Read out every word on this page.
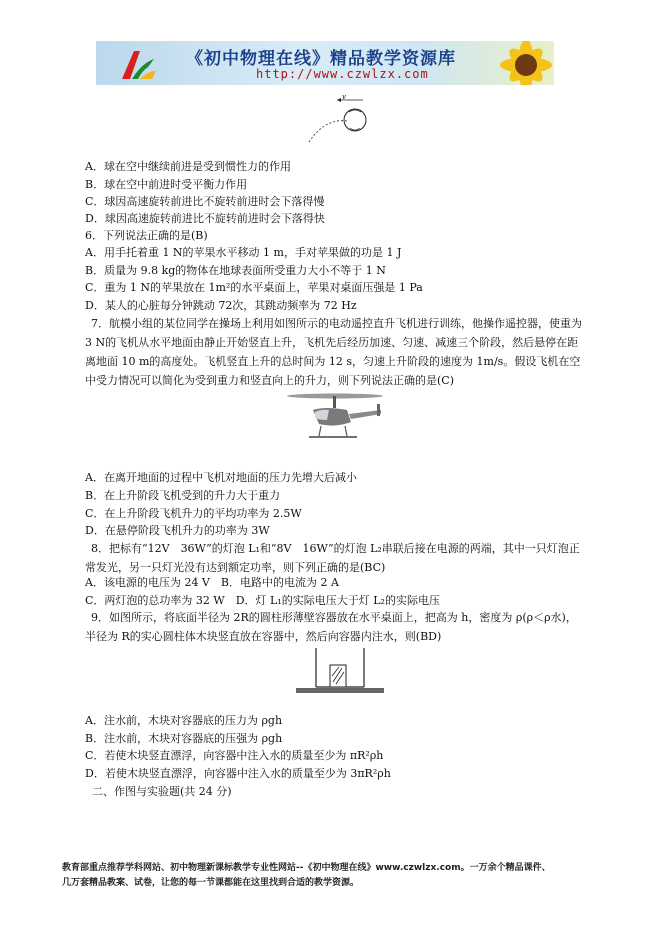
《初中物理在线》精品教学资源库
http://www.czwlzx.com
v
A．球在空中继续前进是受到惯性力的作用
B．球在空中前进时受平衡力作用
C．球因高速旋转前进比不旋转前进时会下落得慢
D．球因高速旋转前进比不旋转前进时会下落得快
6．下列说法正确的是(B)
A．用手托着重 1 N的苹果水平移动 1 m，手对苹果做的功是 1 J
B．质量为 9.8 kg的物体在地球表面所受重力大小不等于 1 N
C．重为 1 N的苹果放在 1m²的水平桌面上，苹果对桌面压强是 1 Pa
D．某人的心脏每分钟跳动 72次，其跳动频率为 72 Hz
7．航模小组的某位同学在操场上利用如图所示的电动遥控直升飞机进行训练，他操作遥控器，使重为 3 N的飞机从水平地面由静止开始竖直上升，飞机先后经历加速、匀速、减速三个阶段，然后悬停在距离地面 10 m的高度处。飞机竖直上升的总时间为 12 s，匀速上升阶段的速度为 1m/s。假设飞机在空中受力情况可以简化为受到重力和竖直向上的升力，则下列说法正确的是(C)
A．在离开地面的过程中飞机对地面的压力先增大后减小
B．在上升阶段飞机受到的升力大于重力
C．在上升阶段飞机升力的平均功率为 2.5W
D．在悬停阶段飞机升力的功率为 3W
8．把标有“12V　36W”的灯泡 L₁和“8V　16W”的灯泡 L₂串联后接在电源的两端，其中一只灯泡正常发光，另一只灯光没有达到额定功率，则下列正确的是(BC)
A．该电源的电压为 24 V　B．电路中的电流为 2 A
C．两灯泡的总功率为 32 W　D．灯 L₁的实际电压大于灯 L₂的实际电压
9．如图所示，将底面半径为 2R的圆柱形薄壁容器放在水平桌面上，把高为 h，密度为 ρ(ρ＜ρ水)，半径为 R的实心圆柱体木块竖直放在容器中，然后向容器内注水，则(BD)
A．注水前，木块对容器底的压力为 ρgh
B．注水前，木块对容器底的压强为 ρgh
C．若使木块竖直漂浮，向容器中注入水的质量至少为 πR²ρh
D．若使木块竖直漂浮，向容器中注入水的质量至少为 3πR²ρh
二、作图与实验题(共 24 分)
教育部重点推荐学科网站、初中物理新课标教学专业性网站--《初中物理在线》www.czwlzx.com。一万余个精品课件、
几万套精品教案、试卷，让您的每一节课都能在这里找到合适的教学资源。
